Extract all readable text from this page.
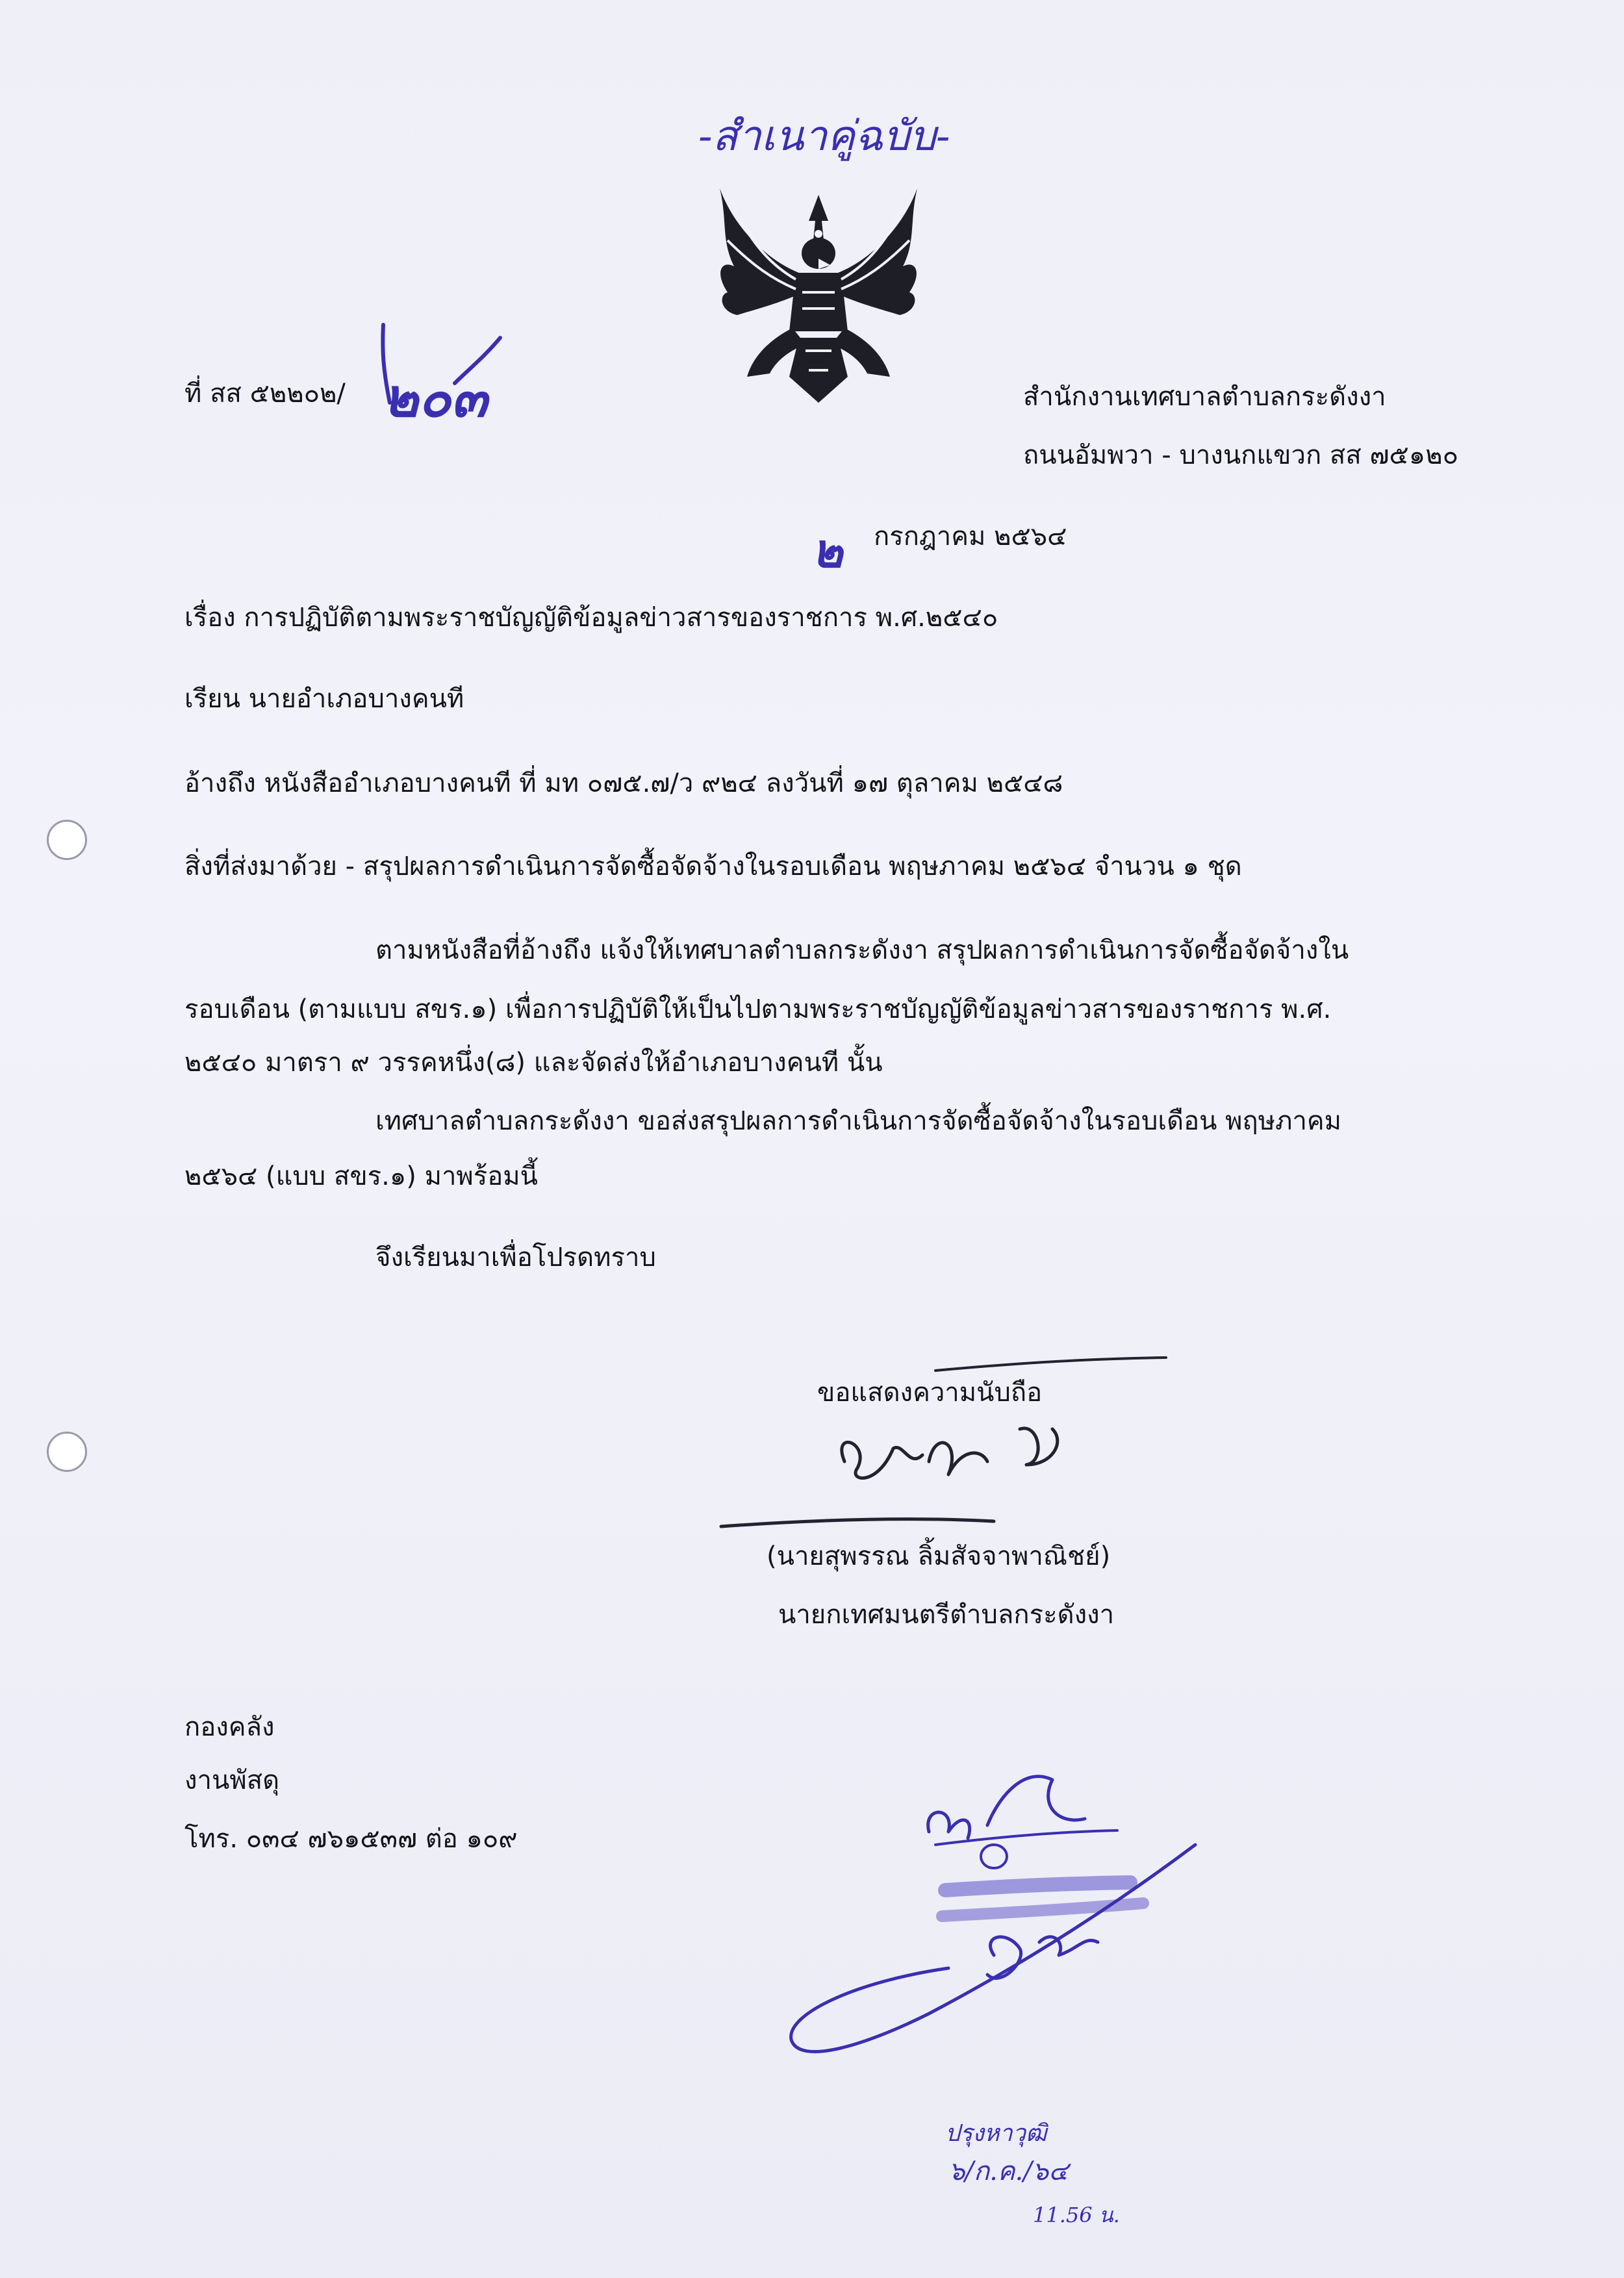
-สำเนาคู่ฉบับ-
ที่ สส ๕๒๒๐๒/ ๒๐๓	สำนักงานเทศบาลตำบลกระดังงา
ถนนอัมพวา - บางนกแขวก สส ๗๕๑๒๐
๒ กรกฎาคม ๒๕๖๔
เรื่อง การปฏิบัติตามพระราชบัญญัติข้อมูลข่าวสารของราชการ พ.ศ.๒๕๔๐
เรียน นายอำเภอบางคนที
อ้างถึง หนังสืออำเภอบางคนที ที่ มท ๐๗๕.๗/ว ๙๒๔ ลงวันที่ ๑๗ ตุลาคม ๒๕๔๘
สิ่งที่ส่งมาด้วย - สรุปผลการดำเนินการจัดซื้อจัดจ้างในรอบเดือน พฤษภาคม ๒๕๖๔ จำนวน ๑ ชุด
ตามหนังสือที่อ้างถึง แจ้งให้เทศบาลตำบลกระดังงา สรุปผลการดำเนินการจัดซื้อจัดจ้างใน
รอบเดือน (ตามแบบ สขร.๑) เพื่อการปฏิบัติให้เป็นไปตามพระราชบัญญัติข้อมูลข่าวสารของราชการ พ.ศ.
๒๕๔๐ มาตรา ๙ วรรคหนึ่ง(๘) และจัดส่งให้อำเภอบางคนที นั้น
เทศบาลตำบลกระดังงา ขอส่งสรุปผลการดำเนินการจัดซื้อจัดจ้างในรอบเดือน พฤษภาคม
๒๕๖๔ (แบบ สขร.๑) มาพร้อมนี้
จึงเรียนมาเพื่อโปรดทราบ
ขอแสดงความนับถือ
(นายสุพรรณ ลิ้มสัจจาพาณิชย์)
นายกเทศมนตรีตำบลกระดังงา
กองคลัง
งานพัสดุ
โทร. ๐๓๔ ๗๖๑๕๓๗ ต่อ ๑๐๙
ปรุงหาวุฒิ
๖/ก.ค./๖๔
11.56 น.
